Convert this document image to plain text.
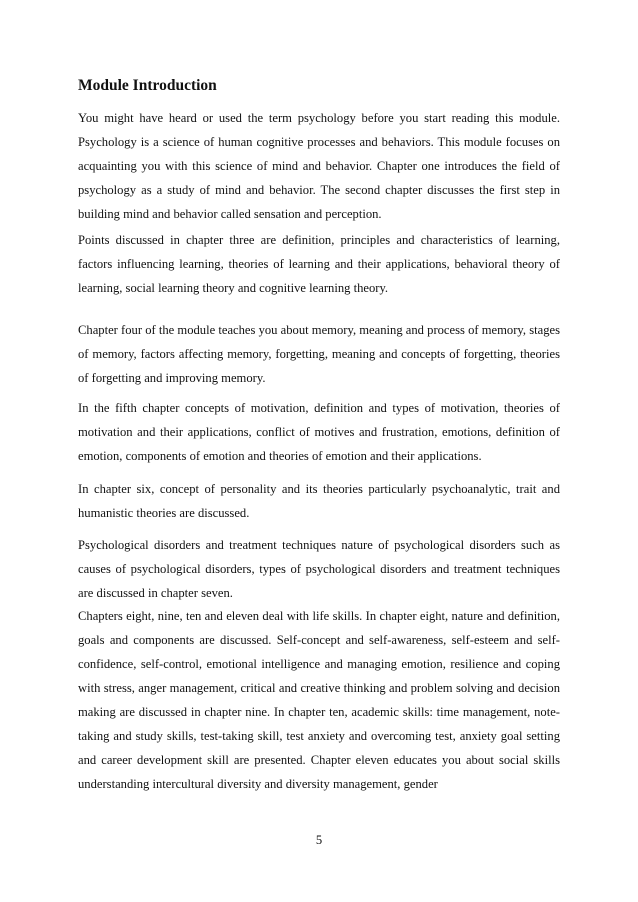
Module Introduction

You might have heard or used the term psychology before you start reading this module. Psychology is a science of human cognitive processes and behaviors. This module focuses on acquainting you with this science of mind and behavior. Chapter one introduces the field of psychology as a study of mind and behavior. The second chapter discusses the first step in building mind and behavior called sensation and perception.

Points discussed in chapter three are definition, principles and characteristics of learning, factors influencing learning, theories of learning and their applications, behavioral theory of learning, social learning theory and cognitive learning theory.

Chapter four of the module teaches you about memory, meaning and process of memory, stages of memory, factors affecting memory, forgetting, meaning and concepts of forgetting, theories of forgetting and improving memory.

In the fifth chapter concepts of motivation, definition and types of motivation, theories of motivation and their applications, conflict of motives and frustration, emotions, definition of emotion, components of emotion and theories of emotion and their applications.

In chapter six, concept of personality and its theories particularly psychoanalytic, trait and humanistic theories are discussed.

Psychological disorders and treatment techniques nature of psychological disorders such as causes of psychological disorders, types of psychological disorders and treatment techniques are discussed in chapter seven.

Chapters eight, nine, ten and eleven deal with life skills. In chapter eight, nature and definition, goals and components are discussed. Self-concept and self-awareness, self-esteem and self-confidence, self-control, emotional intelligence and managing emotion, resilience and coping with stress, anger management, critical and creative thinking and problem solving and decision making are discussed in chapter nine. In chapter ten, academic skills: time management, note-taking and study skills, test-taking skill, test anxiety and overcoming test, anxiety goal setting and career development skill are presented. Chapter eleven educates you about social skills understanding intercultural diversity and diversity management, gender

5
